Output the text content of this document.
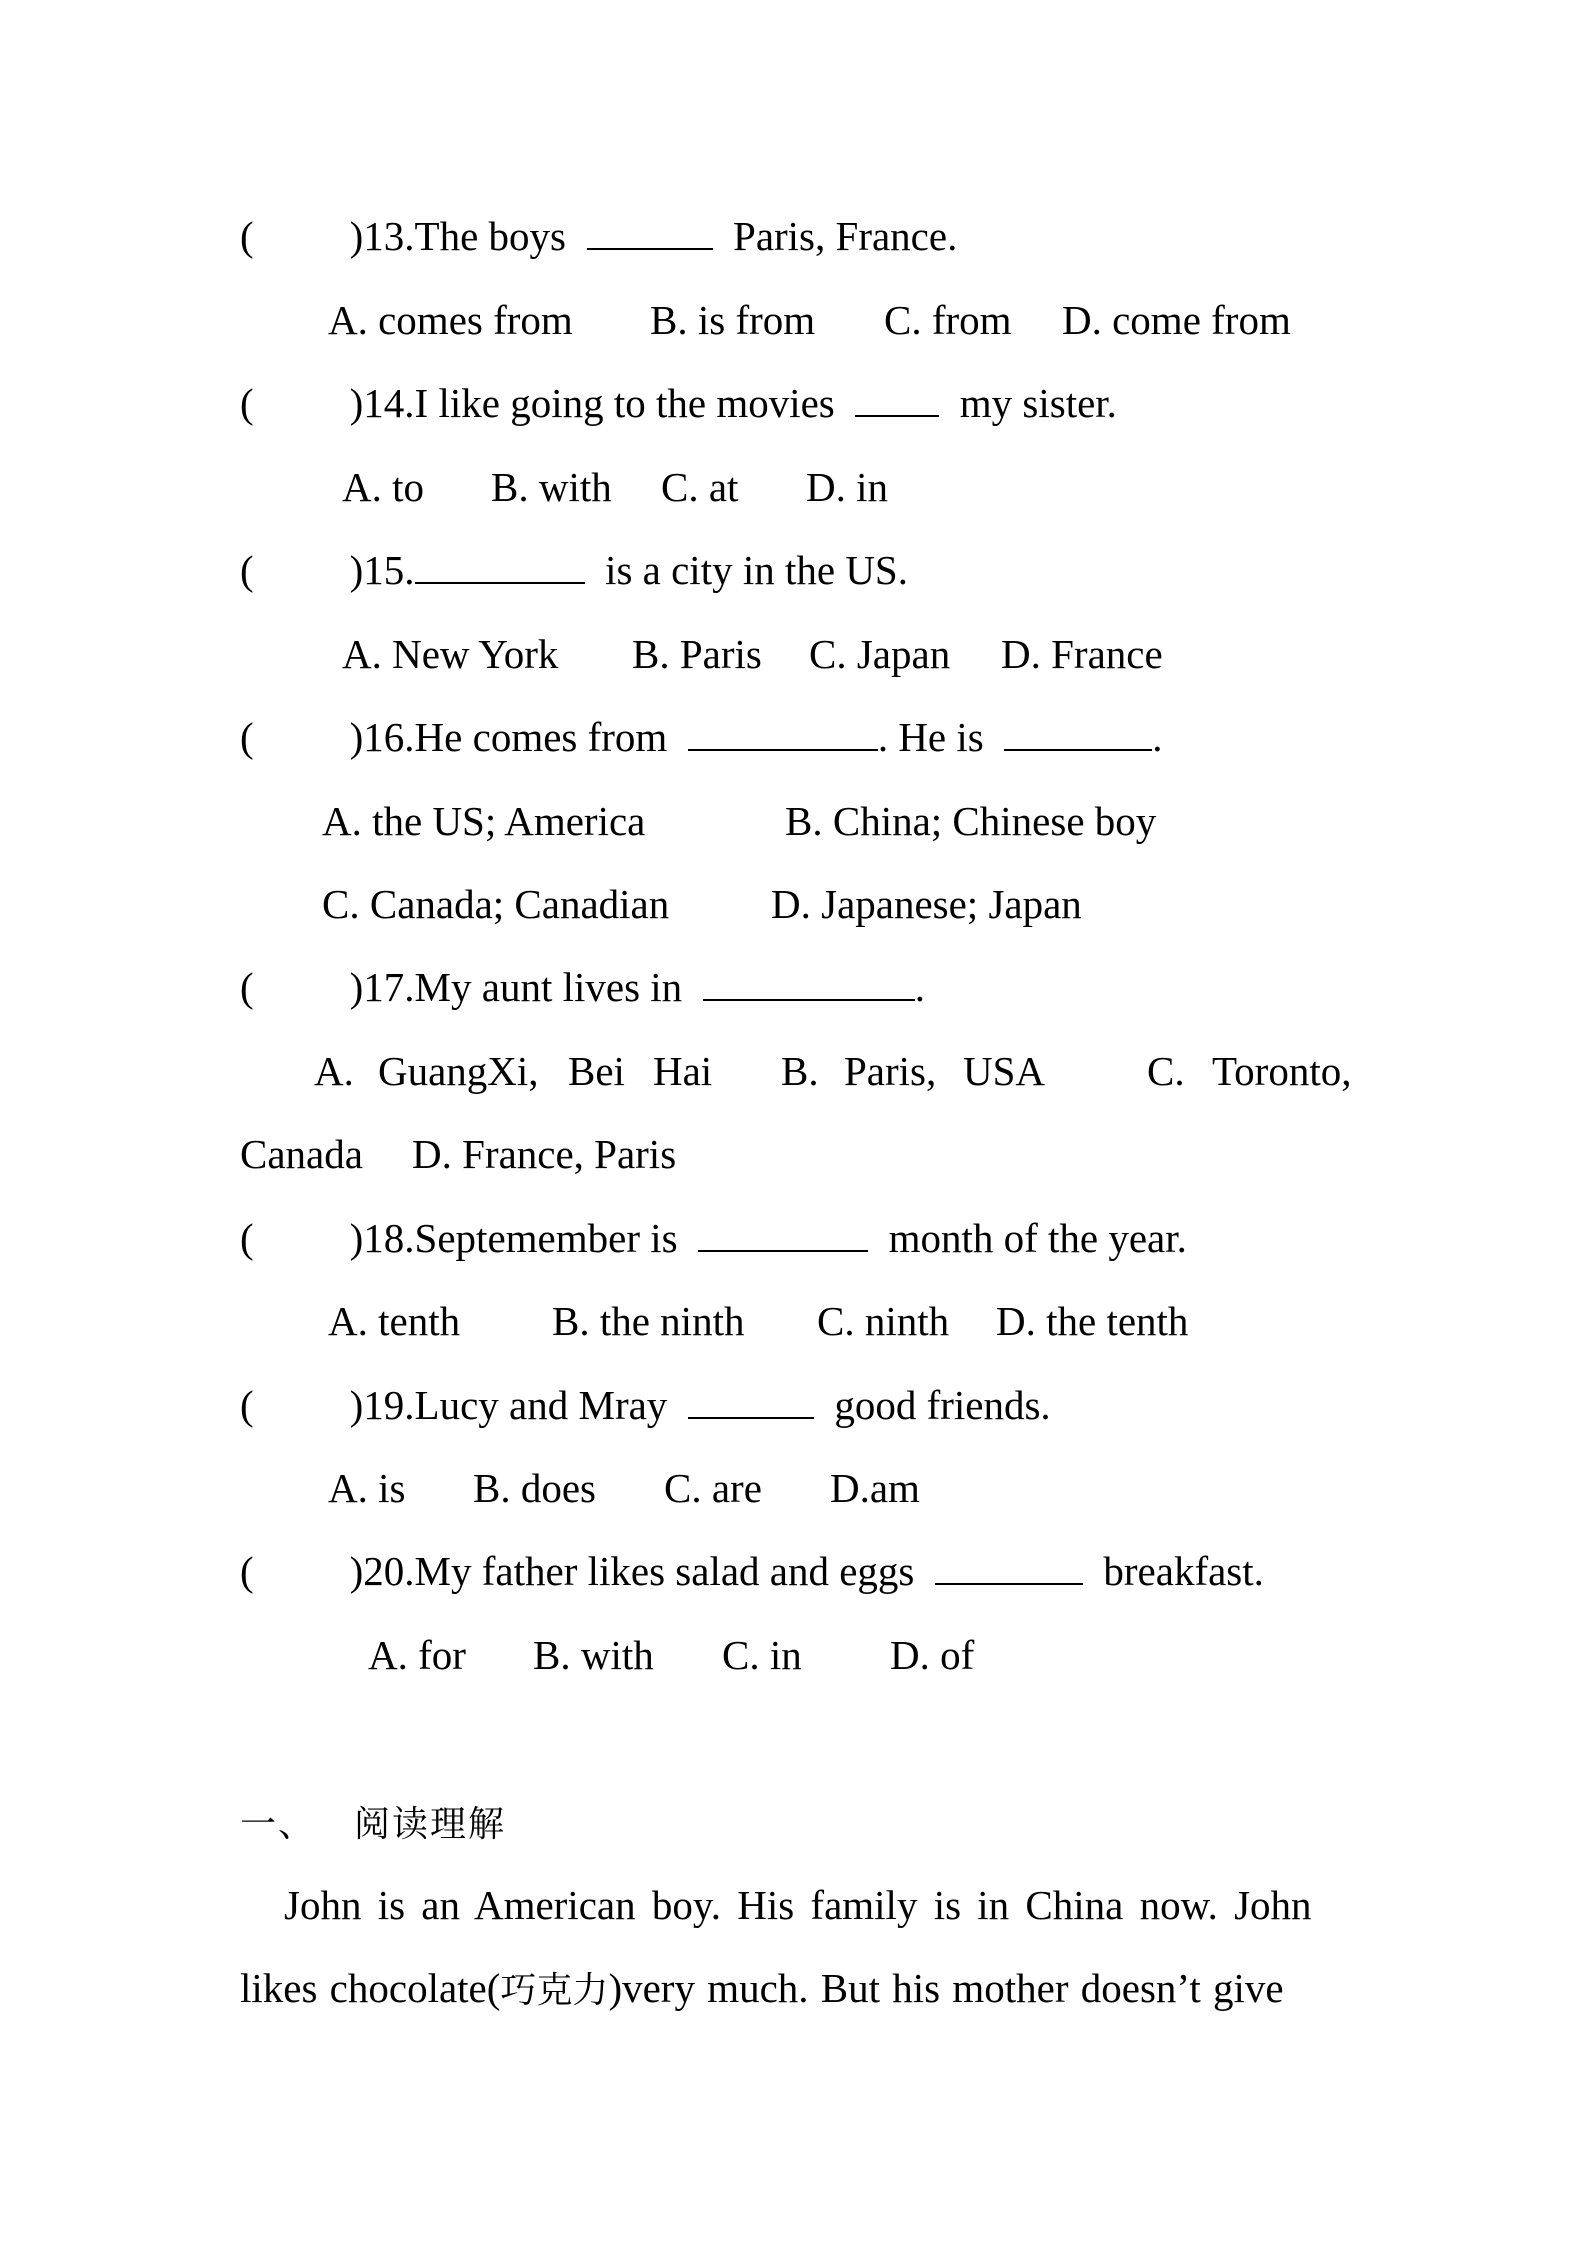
( )13.The boys	Paris, France.
A. comes from B. is from C. from D. come from
( )14.I like going to the movies	my sister.
A. to B. with C. at D. in
( )15.	is a city in the US.
A. New York B. Paris C. Japan D. France
( )16.He comes from	. He is	.
A. the US; America	B. China; Chinese boy
C. Canada; Canadian D. Japanese; Japan
( )17.My aunt lives in	.
A. GuangXi, Bei Hai B. Paris, USA C. Toronto,
Canada D. France, Paris
( )18.Septemember is	month of the year.
A. tenth B. the ninth C. ninth D. the tenth
( )19.Lucy and Mray	good friends.
A. is B. does C. are D.am
( )20.My father likes salad and eggs	breakfast.
A. for B. with C. in D. of
一、 阅读理解
John is an American boy. His family is in China now. John
likes chocolate(巧克力)very much. But his mother doesn’t give
